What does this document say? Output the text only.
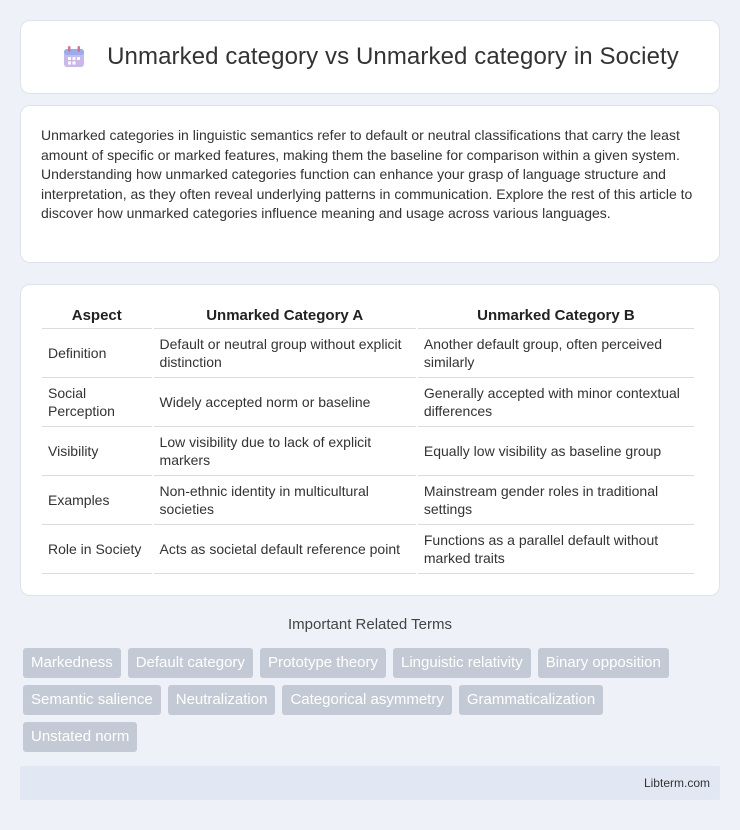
Unmarked category vs Unmarked category in Society

Unmarked categories in linguistic semantics refer to default or neutral classifications that carry the least amount of specific or marked features, making them the baseline for comparison within a given system. Understanding how unmarked categories function can enhance your grasp of language structure and interpretation, as they often reveal underlying patterns in communication. Explore the rest of this article to discover how unmarked categories influence meaning and usage across various languages.

Aspect	Unmarked Category A	Unmarked Category B
Definition	Default or neutral group without explicit distinction	Another default group, often perceived similarly
Social Perception	Widely accepted norm or baseline	Generally accepted with minor contextual differences
Visibility	Low visibility due to lack of explicit markers	Equally low visibility as baseline group
Examples	Non-ethnic identity in multicultural societies	Mainstream gender roles in traditional settings
Role in Society	Acts as societal default reference point	Functions as a parallel default without marked traits
Important Related Terms
Markedness	Default category	Prototype theory	Linguistic relativity	Binary opposition
Semantic salience	Neutralization	Categorical asymmetry	Grammaticalization
Unstated norm
Libterm.com
